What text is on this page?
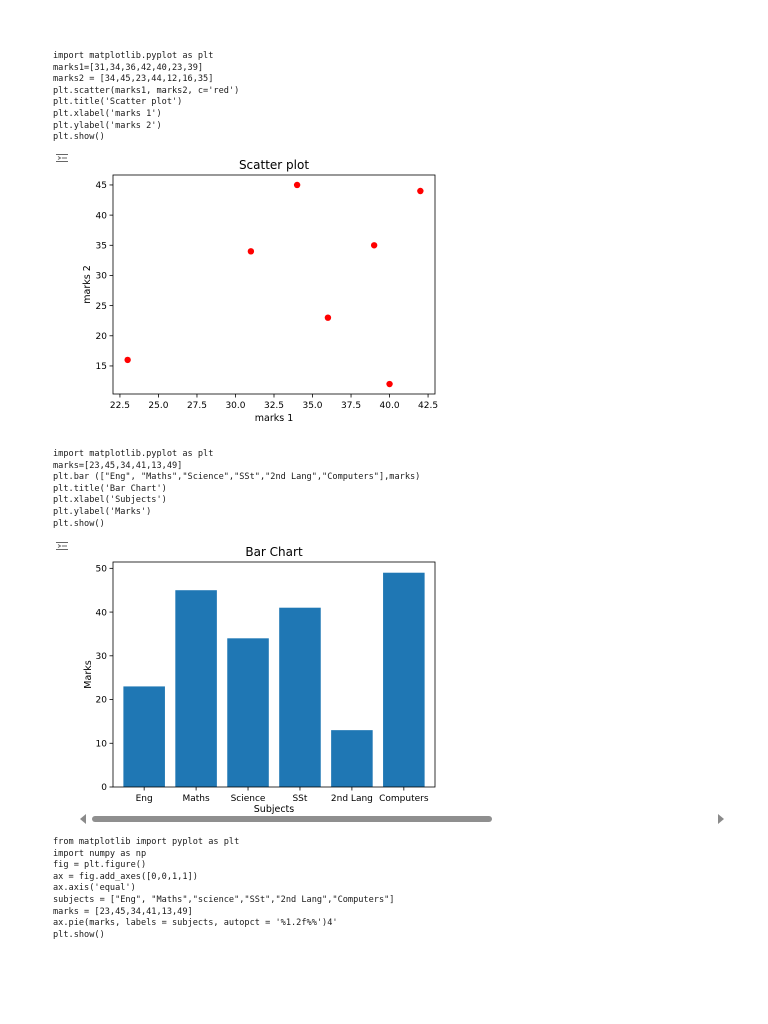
import matplotlib.pyplot as plt
marks1=[31,34,36,42,40,23,39]
marks2 = [34,45,23,44,12,16,35]
plt.scatter(marks1, marks2, c='red')
plt.title('Scatter plot')
plt.xlabel('marks 1')
plt.ylabel('marks 2')
plt.show()
Scatter plot
22.5 25.0 27.5 30.0 32.5 35.0 37.5 40.0 42.5
15
20
25
30
35
40
45
marks 1
marks 2
import matplotlib.pyplot as plt
marks=[23,45,34,41,13,49]
plt.bar (["Eng", "Maths","Science","SSt","2nd Lang","Computers"],marks)
plt.title('Bar Chart')
plt.xlabel('Subjects')
plt.ylabel('Marks')
plt.show()
Bar Chart
Eng	Maths Science	SSt	2nd Lang Computers
0
10
20
30
40
50
Subjects
Marks
from matplotlib import pyplot as plt
import numpy as np
fig = plt.figure()
ax = fig.add_axes([0,0,1,1])
ax.axis('equal')
subjects = ["Eng", "Maths","science","SSt","2nd Lang","Computers"]
marks = [23,45,34,41,13,49]
ax.pie(marks, labels = subjects, autopct = '%1.2f%%')4'
plt.show()
